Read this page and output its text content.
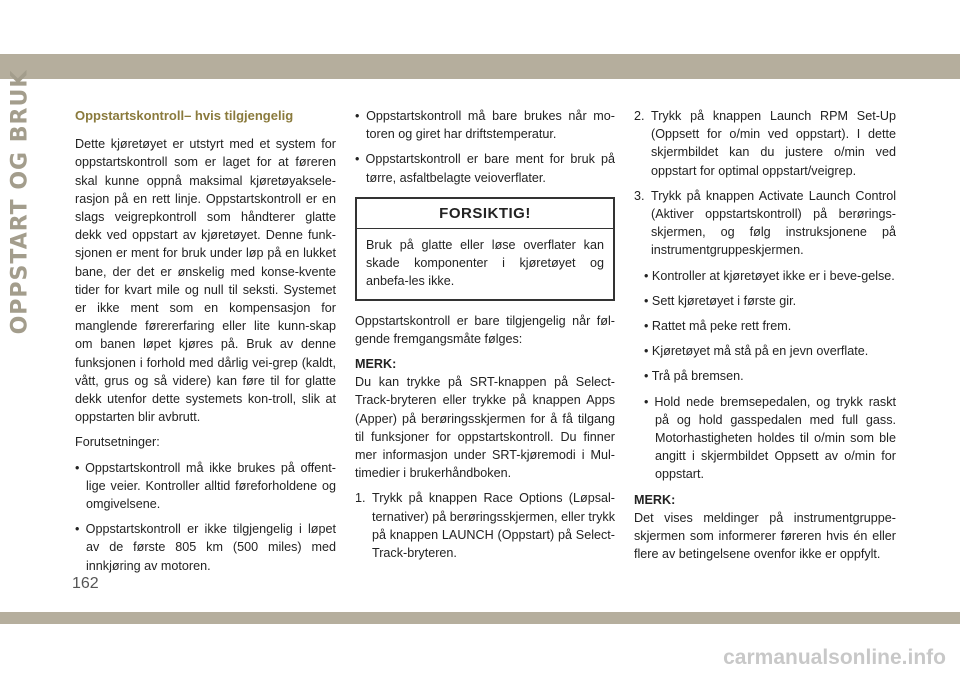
OPPSTART OG BRUK	Oppstartskontroll– hvis tilgjengelig

Dette kjøretøyet er utstyrt med et system for oppstartskontroll som er laget for at føreren skal kunne oppnå maksimal kjøretøyaksele-rasjon på en rett linje. Oppstartskontroll er en slags veigrepkontroll som håndterer glatte dekk ved oppstart av kjøretøyet. Denne funk-sjonen er ment for bruk under løp på en lukket bane, der det er ønskelig med konse-kvente tider for kvart mile og null til seksti. Systemet er ikke ment som en kompensasjon for manglende førererfaring eller lite kunn-skap om banen løpet kjøres på. Bruk av denne funksjonen i forhold med dårlig vei-grep (kaldt, vått, grus og så videre) kan føre til for glatte dekk utenfor dette systemets kon-troll, slik at oppstarten blir avbrutt.

Forutsetninger:

• Oppstartskontroll må ikke brukes på offent-lige veier. Kontroller alltid føreforholdene og omgivelsene.
• Oppstartskontroll er ikke tilgjengelig i løpet av de første 805 km (500 miles) med innkjøring av motoren.
• Oppstartskontroll må bare brukes når mo-toren og giret har driftstemperatur.
• Oppstartskontroll er bare ment for bruk på tørre, asfaltbelagte veioverflater.
FORSIKTIG!
Bruk på glatte eller løse overflater kan skade komponenter i kjøretøyet og anbefa-les ikke.

Oppstartskontroll er bare tilgjengelig når føl-gende fremgangsmåte følges:

MERK:

Du kan trykke på SRT-knappen på Select-Track-bryteren eller trykke på knappen Apps (Apper) på berøringsskjermen for å få tilgang til funksjoner for oppstartskontroll. Du finner mer informasjon under SRT-kjøremodi i Mul-timedier i brukerhåndboken.

1. Trykk på knappen Race Options (Løpsal-ternativer) på berøringsskjermen, eller trykk på knappen LAUNCH (Oppstart) på Select-Track-bryteren.
2. Trykk på knappen Launch RPM Set-Up (Oppsett for o/min ved oppstart). I dette skjermbildet kan du justere o/min ved oppstart for optimal oppstart/veigrep.
3. Trykk på knappen Activate Launch Control (Aktiver oppstartskontroll) på berørings-skjermen, og følg instruksjonene på instrumentgruppeskjermen.
• Kontroller at kjøretøyet ikke er i beve-gelse.
• Sett kjøretøyet i første gir.
• Rattet må peke rett frem.
• Kjøretøyet må stå på en jevn overflate.
• Trå på bremsen.
• Hold nede bremsepedalen, og trykk raskt på og hold gasspedalen med full gass. Motorhastigheten holdes til o/min som ble angitt i skjermbildet Oppsett av o/min for oppstart.
MERK:

Det vises meldinger på instrumentgruppe-skjermen som informerer føreren hvis én eller flere av betingelsene ovenfor ikke er oppfylt.

162
carmanualsonline.info
